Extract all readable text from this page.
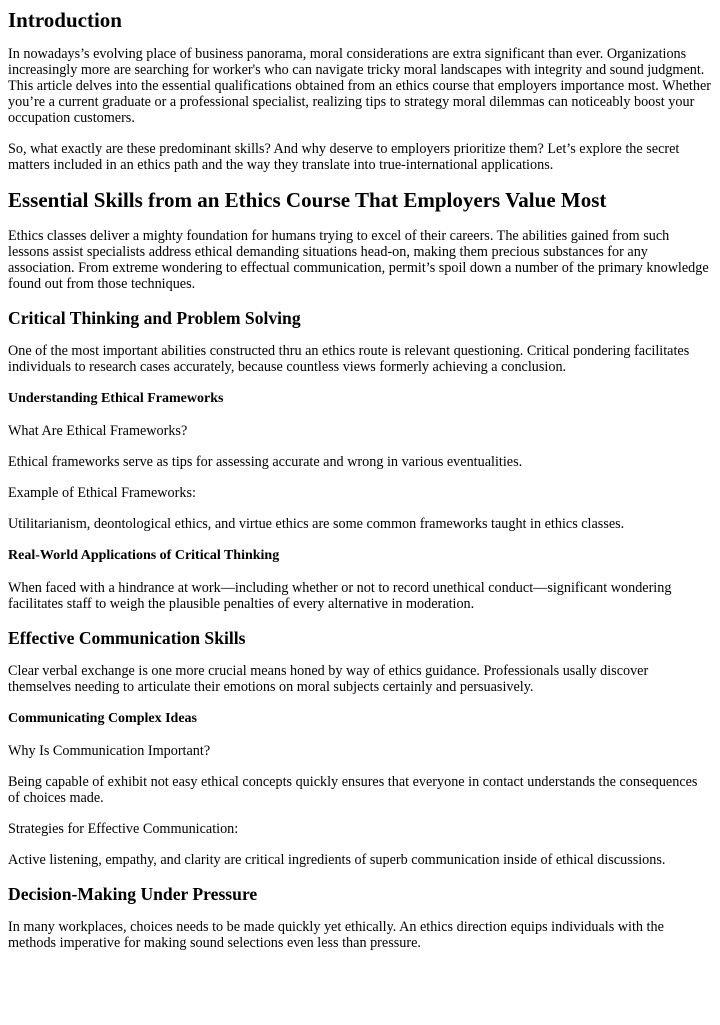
Introduction

In nowadays’s evolving place of business panorama, moral considerations are extra significant than ever. Organizations increasingly more are searching for worker's who can navigate tricky moral landscapes with integrity and sound judgment. This article delves into the essential qualifications obtained from an ethics course that employers importance most. Whether you’re a current graduate or a professional specialist, realizing tips to strategy moral dilemmas can noticeably boost your occupation customers.

So, what exactly are these predominant skills? And why deserve to employers prioritize them? Let’s explore the secret matters included in an ethics path and the way they translate into true-international applications.

Essential Skills from an Ethics Course That Employers Value Most

Ethics classes deliver a mighty foundation for humans trying to excel of their careers. The abilities gained from such lessons assist specialists address ethical demanding situations head-on, making them precious substances for any association. From extreme wondering to effectual communication, permit’s spoil down a number of the primary knowledge found out from those techniques.

Critical Thinking and Problem Solving

One of the most important abilities constructed thru an ethics route is relevant questioning. Critical pondering facilitates individuals to research cases accurately, because countless views formerly achieving a conclusion.

Understanding Ethical Frameworks

What Are Ethical Frameworks?

Ethical frameworks serve as tips for assessing accurate and wrong in various eventualities.

Example of Ethical Frameworks:

Utilitarianism, deontological ethics, and virtue ethics are some common frameworks taught in ethics classes.

Real-World Applications of Critical Thinking

When faced with a hindrance at work—including whether or not to record unethical conduct—significant wondering facilitates staff to weigh the plausible penalties of every alternative in moderation.

Effective Communication Skills

Clear verbal exchange is one more crucial means honed by way of ethics guidance. Professionals usally discover themselves needing to articulate their emotions on moral subjects certainly and persuasively.

Communicating Complex Ideas

Why Is Communication Important?

Being capable of exhibit not easy ethical concepts quickly ensures that everyone in contact understands the consequences of choices made.

Strategies for Effective Communication:

Active listening, empathy, and clarity are critical ingredients of superb communication inside of ethical discussions.

Decision-Making Under Pressure

In many workplaces, choices needs to be made quickly yet ethically. An ethics direction equips individuals with the methods imperative for making sound selections even less than pressure.
